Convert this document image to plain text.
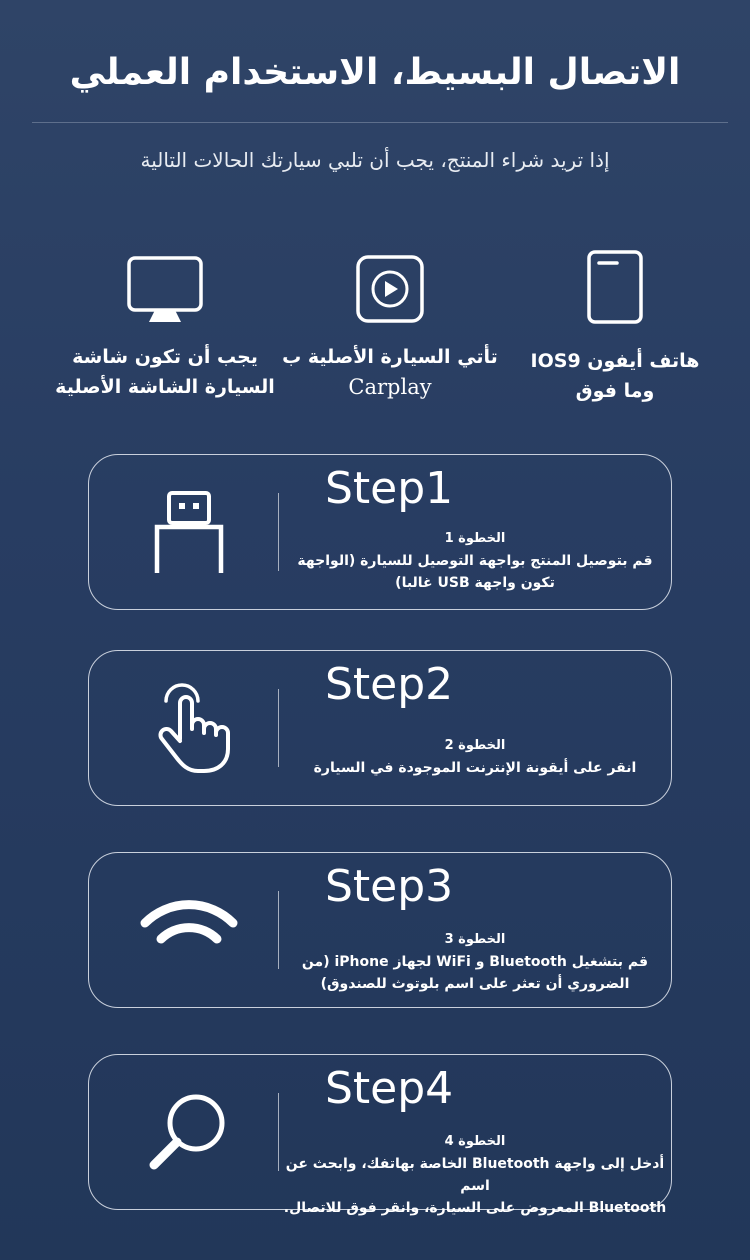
الاتصال البسيط، الاستخدام العملي
إذا تريد شراء المنتج، يجب أن تلبي سيارتك الحالات التالية
هاتف أيفون IOS9
وما فوق
تأتي السيارة الأصلية ب
Carplay
يجب أن تكون شاشة
السيارة الشاشة الأصلية
Step1
الخطوة 1
قم بتوصيل المنتج بواجهة التوصيل للسيارة (الواجهة
تكون واجهة USB غالبا)
Step2
الخطوة 2
انقر على أيقونة الإنترنت الموجودة في السيارة
Step3
الخطوة 3
قم بتشغيل Bluetooth و WiFi لجهاز iPhone (من
الضروري أن تعثر على اسم بلوتوث للصندوق)
Step4
الخطوة 4
أدخل إلى واجهة Bluetooth الخاصة بهاتفك، وابحث عن اسم
Bluetooth المعروض على السيارة، وانقر فوق للاتصال.
